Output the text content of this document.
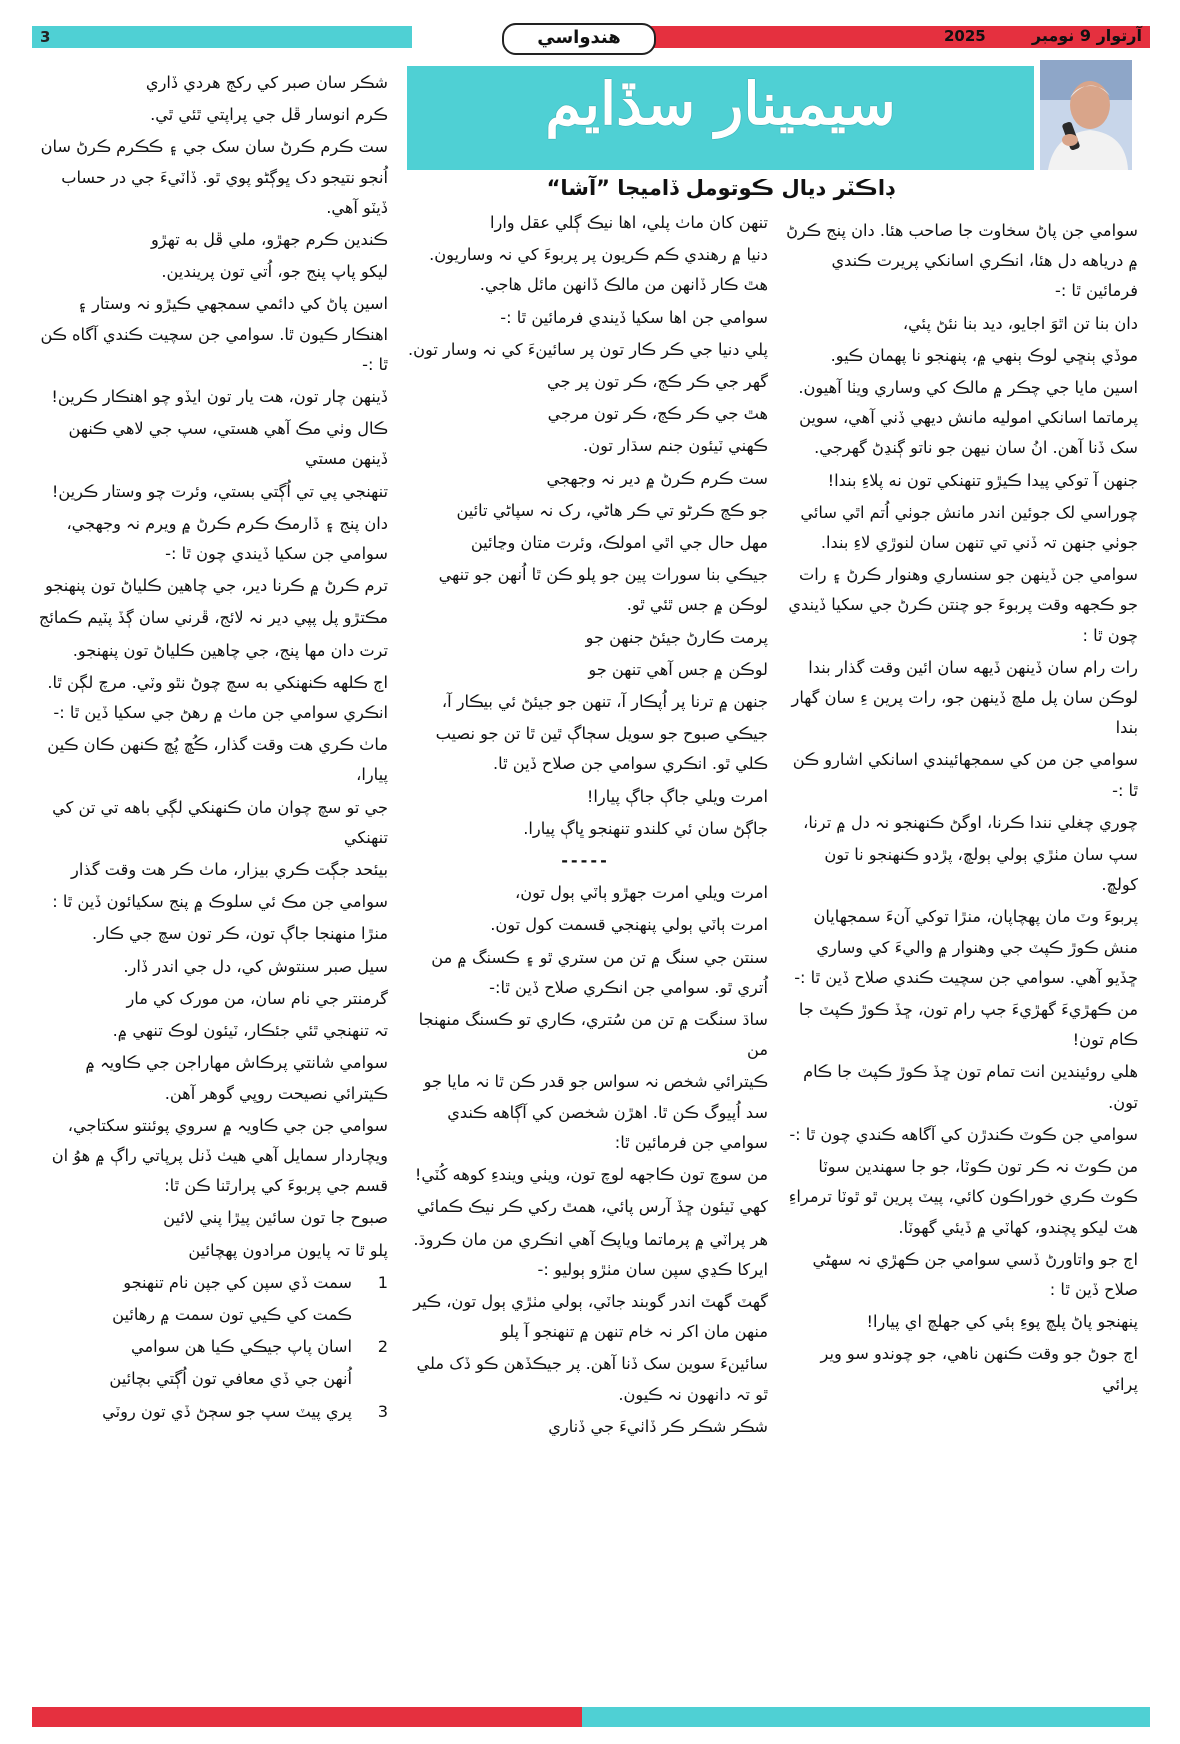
3	هندواسي	2025	آرتوار 9 نومبر
سيمينار سڏايم
ڊاڪٽر ديال ڪوتومل ڏاميجا ”آشا“

سوامي جن پاڻ سخاوت جا صاحب هئا. دان پنج ڪرڻ ۾ درياهه دل هئا، انڪري اسانکي پريرت ڪندي فرمائين ٿا :-

دان بنا تن اٿوَ اجايو، ديد بنا نئڻ پئي،

موڏي ٻنڇي لوڪ ٻنهي ۾، پنهنجو نا پهمان ڪيو.

اسين مايا جي چڪر ۾ مالڪ کي وساري ويٺا آهيون. پرماتما اسانکي اموليه مانش ديهي ڏني آهي، سوين سک ڏنا آهن. انُ سان نيهن جو ناتو ڳنڍڻ گهرجي.

جنهن آ توکي پيدا ڪيڙو تنهنکي تون نه پلاءِ بندا!

چوراسي لک جوئين اندر مانش جوٺي اُتم اٿي سائي جوٺي جنهن تہ ڏني تي تنهن سان لنوڙي لاءِ بندا.

سوامي جن ڏينهن جو سنساري وهنوار ڪرڻ ۽ رات جو ڪجهه وقت پربوءَ جو چنتن ڪرڻ جي سکيا ڏيندي چون ٿا :

رات رام سان ڏينهن ڏيهه سان ائين وقت گذار بندا لوڪن سان پل ملچ ڏينهن جو، رات پرين ءِ سان گهار بندا

سوامي جن من کي سمجهائيندي اسانکي اشارو ڪن ٿا :-

چوري چغلي نندا ڪرنا، اوگڻ ڪنهنجو نہ دل ۾ ترنا،

سپ سان مٺڙي ٻولي ٻولڇ، پڙدو ڪنهنجو نا تون کولڇ.

پربوءَ وٽ مان پهچاپان، منڙا توکي آنءَ سمجهايان منش ڪوڙ ڪپٽ جي وهنوار ۾ واليءَ کي وساري ڇڏيو آهي. سوامي جن سچيت ڪندي صلاح ڏين ٿا :-

من ڪهڙيءَ گهڙيءَ جپ رام تون، ڇڏ ڪوڙ ڪپٽ جا ڪام تون!

هلي روئيندين انت تمام تون ڇڏ ڪوڙ ڪپٽ جا ڪام تون.

سوامي جن ڪوٽ ڪندڙن کي آگاهه ڪندي چون ٿا :-

من ڪوٽ نہ ڪر تون ڪوٽا، جو جا سهندين سوٽا ڪوٽ ڪري خوراڪون کائي، پيٽ پرين ٿو ٿوٽا ترمراءِ هٽ ليکو پچندو، کهاٽي ۾ ڏيئي گهوٽا.

اڄ جو واتاورڻ ڏسي سوامي جن ڪهڙي نہ سهڻي صلاح ڏين ٿا :

پنهنجو پاڻ پلچ پوءِ ٻئي کي جهلچ اي پيارا!

اڄ جوڻ جو وقت ڪنهن ناهي، جو چوندو سو وير پرائي

تنهن کان ماٺ پلي، اها نيڪ ڳلي عقل وارا

دنيا ۾ رهندي ڪم ڪريون پر پربوءَ کي نہ وساريون. هٿ ڪار ڏانهن من مالڪ ڏانهن مائل هاجي.

سوامي جن اها سکيا ڏيندي فرمائين ٿا :-

پلي دنيا جي ڪر ڪار تون پر سائينءَ کي نہ وسار تون.

گهر جي ڪر ڪڄ، ڪر تون پر جي

هٿ جي ڪر ڪڄ، ڪر تون مرجي

ڪهني ٽيئون جنم سڌار تون.

ست ڪرم ڪرڻ ۾ دير نہ وجهجي

جو ڪڄ ڪرڻو تي ڪر هاڻي، رک نہ سپاڻي تائين

مهل حال جي اٿي امولڪ، وئرت متان وڃائين

جيڪي بنا سورات پين جو پلو ڪن ٿا اُنهن جو تنهي لوڪن ۾ جس ٿئي ٿو.

پرمت ڪارڻ جيئڻ جنهن جو

لوڪن ۾ جس آهي تنهن جو

جنهن ۾ ترنا پر اُپڪار آ، تنهن جو جيئڻ ئي بيڪار آ،

جيڪي صبوح جو سويل سڄاڳ ٿين ٿا تن جو نصيب ڪلي ٿو. انڪري سوامي جن صلاح ڏين ٿا.

امرت ويلي جاڳ جاڳ پيارا!

جاڳڻ سان ئي کلندو تنهنجو ڀاڳ پيارا.

-----

امرت ويلي امرت جهڙو ٻاٽي ٻول تون،

امرت ٻاٽي ٻولي پنهنجي قسمت کول تون.

سنتن جي سنگ ۾ تن من ستري ٿو ۽ ڪسنگ ۾ من اُتري ٿو. سوامي جن انڪري صلاح ڏين ٿا:-

ساڌ سنگت ۾ تن من سُتري، ڪاري تو ڪسنگ منهنجا من

ڪيترائي شخص نہ سواس جو قدر ڪن ٿا نہ مايا جو سد اُپيوگ ڪن ٿا. اهڙن شخصن کي آڳاهه ڪندي سوامي جن فرمائين ٿا:

من سوچ تون ڪاجهه لوچ تون، ويٺي ويندءِ کوهه کُٽي!

کهي ٽيئون ڇڏ آرس پائي، همٿ رکي ڪر نيڪ ڪمائي

هر پراٽي ۾ پرماتما وياپڪ آهي انڪري من مان ڪروڌ. ايرکا ڪڍي سپن سان مٺڙو ٻوليو :-

گهٽ گهٽ اندر گوبند جاٽي، ٻولي مٺڙي ٻول تون، ڪير منهن مان اکر نہ خام تنهن ۾ تنهنجو آ پلو

سائينءَ سوين سک ڏنا آهن. پر جيڪڏهن ڪو ڏک ملي ٿو تہ دانهون نہ ڪيون.

شڪر شڪر ڪر ڏاٺيءَ جي ڏناري

شڪر سان صبر کي رکڄ هردي ڏاري

ڪرم انوسار ڦل جي پراپتي ٿئي ٿي.

ست ڪرم ڪرڻ سان سک جي ۽ ڪڪرم ڪرڻ سان اُنجو نتيجو دک ڀوڳڻو پوي ٿو. ڏاٽيءَ جي در حساب ڏيٽو آهي.

ڪندين ڪرم جهڙو، ملي ڦل به تهڙو

ليکو پاپ پنج جو، اُتي تون پريندين.

اسين پاڻ کي دائمي سمجهي ڪيڙو نہ وستار ۽ اهنڪار ڪيون ٿا. سوامي جن سچيت ڪندي آگاه ڪن ٿا :-

ڏينهن چار تون، هت يار تون ايڏو چو اهنڪار ڪرين!

ڪال وٺي مڪ آهي هستي، سپ جي لاهي ڪنهن ڏينهن مستي

تنهنجي پي تي اُڳتي بستي، وئرت چو وستار ڪرين!

دان پنج ۽ ڏارمڪ ڪرم ڪرڻ ۾ ويرم نہ وجهجي، سوامي جن سکيا ڏيندي چون ٿا :-

ترم ڪرڻ ۾ ڪرنا دير، جي چاهين ڪلياڻ تون پنهنجو

مڪتڙو پل پپي دير نہ لائج، ڦرني سان ڳڏ پٽيم ڪمائج

ترت دان مها پنج، جي چاهين ڪلياڻ تون پنهنجو.

اڄ ڪلهه ڪنهنکي به سچ چوڻ نٿو وٽي. مرچ لڳن ٿا. انڪري سوامي جن ماٺ ۾ رهڻ جي سکيا ڏين ٿا :-

ماٺ ڪري هت وقت گذار، ڪُڇ پُڇ ڪنهن ڪان ڪين پيارا،

جي تو سچ چوان مان ڪنهنکي لڳي باهه تي تن کي تنهنکي

بيئحد جڳت ڪري بيزار، ماٺ ڪر هت وقت گذار

سوامي جن مڪ ئي سلوڪ ۾ پنج سکيائون ڏين ٿا :

منڙا منهنجا جاڳ تون، ڪر تون سچ جي ڪار.

سيل صبر سنتوش کي، دل جي اندر ڏار.

گرمنتر جي نام سان، من مورک کي مار

تہ تنهنجي ٿئي جئڪار، ٽيئون لوڪ تنهي ۾.

سوامي شانتي پرڪاش مهاراجن جي ڪاويہ ۾ ڪيترائي نصيحت روپي گوهر آهن.

سوامي جن جي ڪاويہ ۾ سروي پوئنتو سکتاجي، ويچاردار سمايل آهي هيٺ ڏنل پرپاتي راڳ ۾ هوُ ان قسم جي پربوءَ کي پرارٿنا ڪن ٿا:

صبوح جا تون سائين پيڙا پني لائين

پلو ٿا تہ پايون مرادون پهچائين

1
سمت ڏي سپن کي جپن نام تنهنجو

ڪمت کي ڪيي تون سمت ۾ رهائين

2
اسان پاپ جيڪي ڪيا هن سوامي

اُنهن جي ڏي معافي تون اُڳتي بچائين

3
پري پيٽ سپ جو سڄڻ ڏي تون روٽي
